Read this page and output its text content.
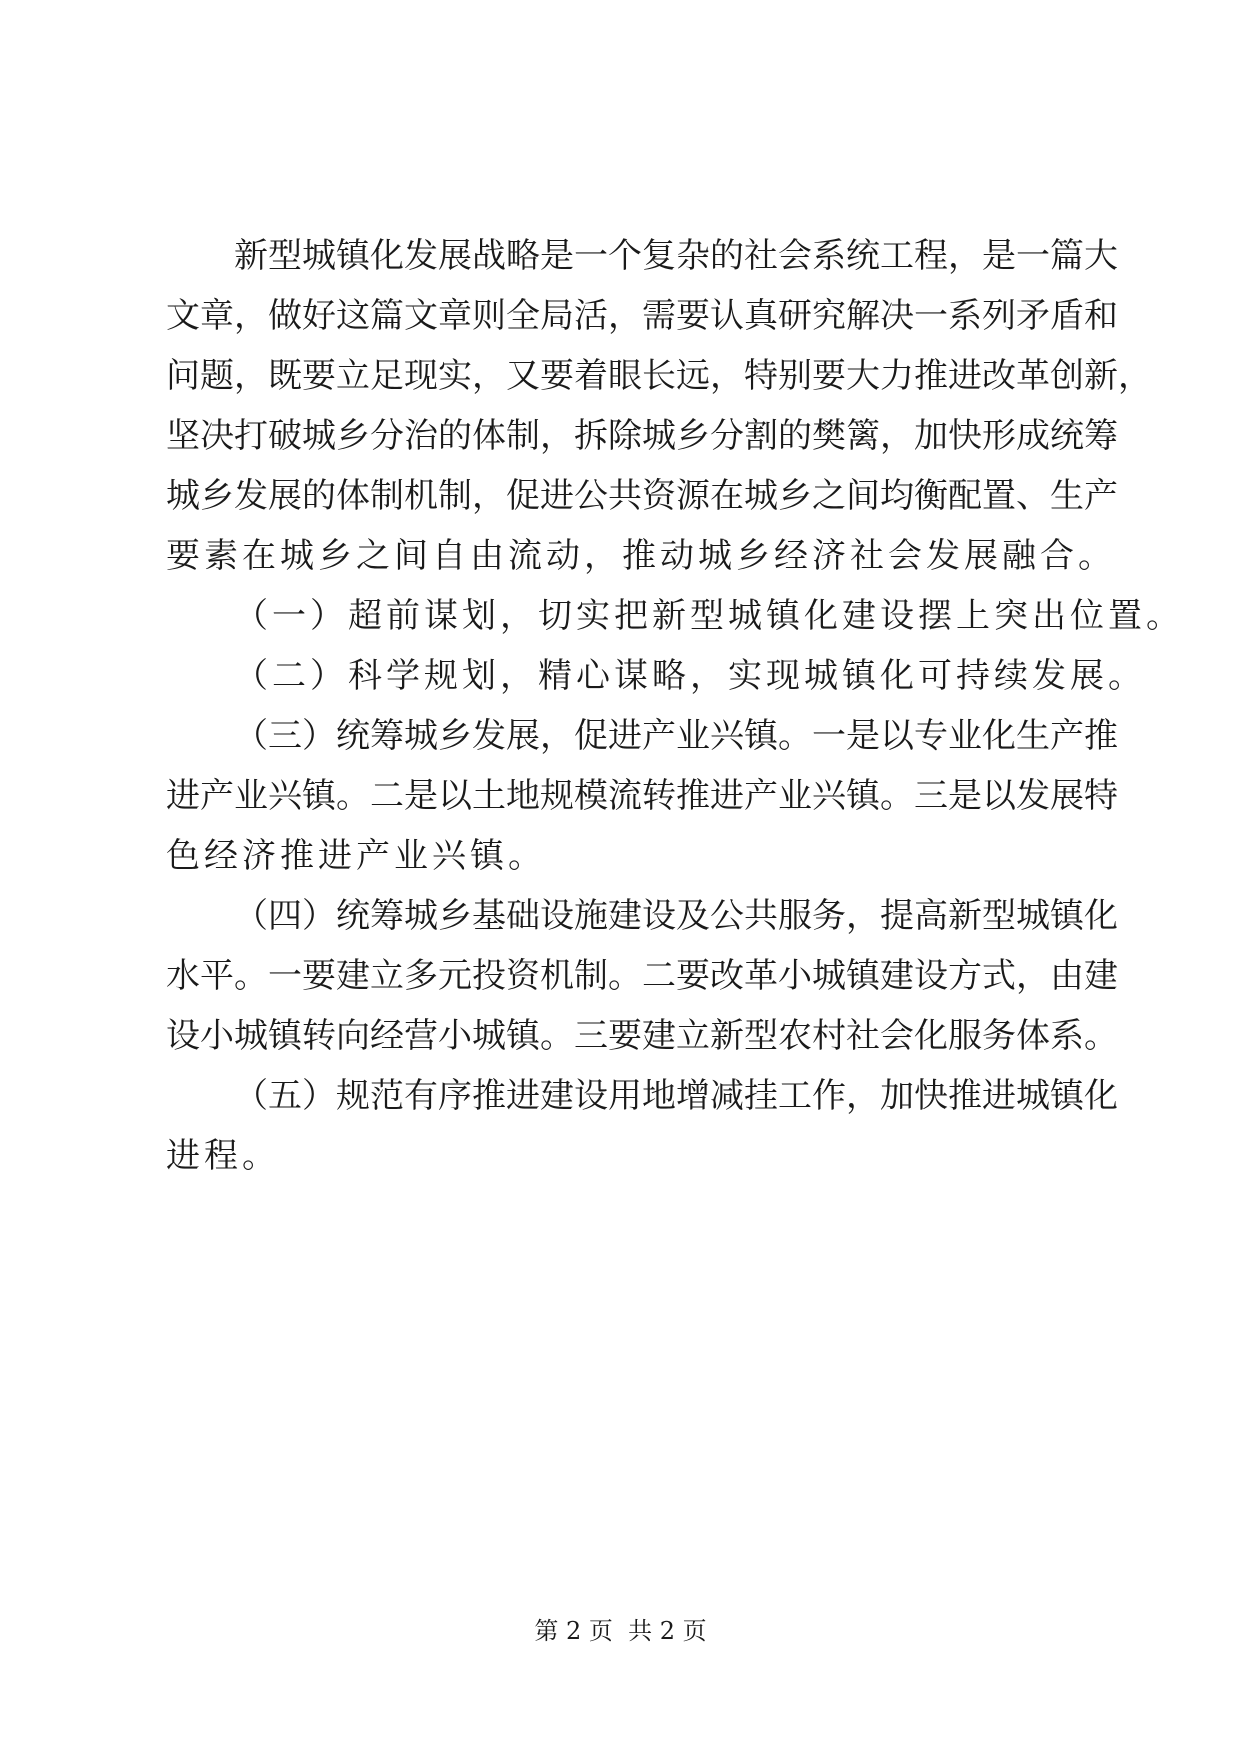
新型城镇化发展战略是一个复杂的社会系统工程，是一篇大
文章，做好这篇文章则全局活，需要认真研究解决一系列矛盾和
问题，既要立足现实，又要着眼长远，特别要大力推进改革创新，
坚决打破城乡分治的体制，拆除城乡分割的樊篱，加快形成统筹
城乡发展的体制机制，促进公共资源在城乡之间均衡配置、生产
要素在城乡之间自由流动，推动城乡经济社会发展融合。
（一）超前谋划，切实把新型城镇化建设摆上突出位置。
（二）科学规划，精心谋略，实现城镇化可持续发展。
（三）统筹城乡发展，促进产业兴镇。一是以专业化生产推
进产业兴镇。二是以土地规模流转推进产业兴镇。三是以发展特
色经济推进产业兴镇。
（四）统筹城乡基础设施建设及公共服务，提高新型城镇化
水平。一要建立多元投资机制。二要改革小城镇建设方式，由建
设小城镇转向经营小城镇。三要建立新型农村社会化服务体系。
（五）规范有序推进建设用地增减挂工作，加快推进城镇化
进程。
第 2 页  共 2 页
